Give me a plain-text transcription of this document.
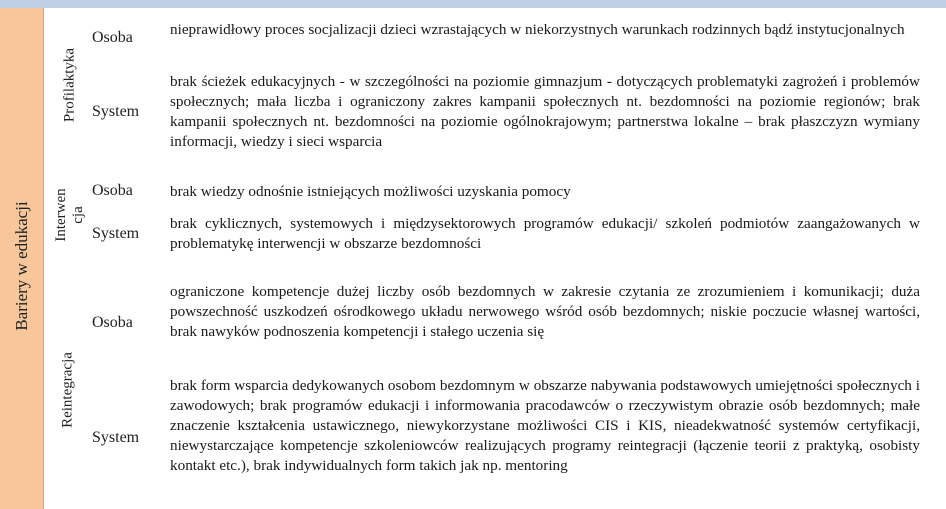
Bariery w edukacji
Profilaktyka
Interwen cja
Reintegracja
Osoba nieprawidłowy proces socjalizacji dzieci wzrastających w niekorzystnych warunkach rodzinnych bądź instytucjonalnych
System
brak ścieżek edukacyjnych - w szczególności na poziomie gimnazjum - dotyczących problematyki zagrożeń i problemów społecznych; mała liczba i ograniczony zakres kampanii społecznych nt. bezdomności na poziomie regionów; brak kampanii społecznych nt. bezdomności na poziomie ogólnokrajowym; partnerstwa lokalne – brak płaszczyzn wymiany informacji, wiedzy i sieci wsparcia
Osoba brak wiedzy odnośnie istniejących możliwości uzyskania pomocy
System
brak cyklicznych, systemowych i międzysektorowych programów edukacji/ szkoleń podmiotów zaangażowanych w problematykę interwencji w obszarze bezdomności
Osoba
ograniczone kompetencje dużej liczby osób bezdomnych w zakresie czytania ze zrozumieniem i komunikacji; duża powszechność uszkodzeń ośrodkowego układu nerwowego wśród osób bezdomnych; niskie poczucie własnej wartości, brak nawyków podnoszenia kompetencji i stałego uczenia się
System
brak form wsparcia dedykowanych osobom bezdomnym w obszarze nabywania podstawowych umiejętności społecznych i zawodowych; brak programów edukacji i informowania pracodawców o rzeczywistym obrazie osób bezdomnych; małe znaczenie kształcenia ustawicznego, niewykorzystane możliwości CIS i KIS, nieadekwatność systemów certyfikacji, niewystarczające kompetencje szkoleniowców realizujących programy reintegracji (łączenie teorii z praktyką, osobisty kontakt etc.), brak indywidualnych form takich jak np. mentoring
